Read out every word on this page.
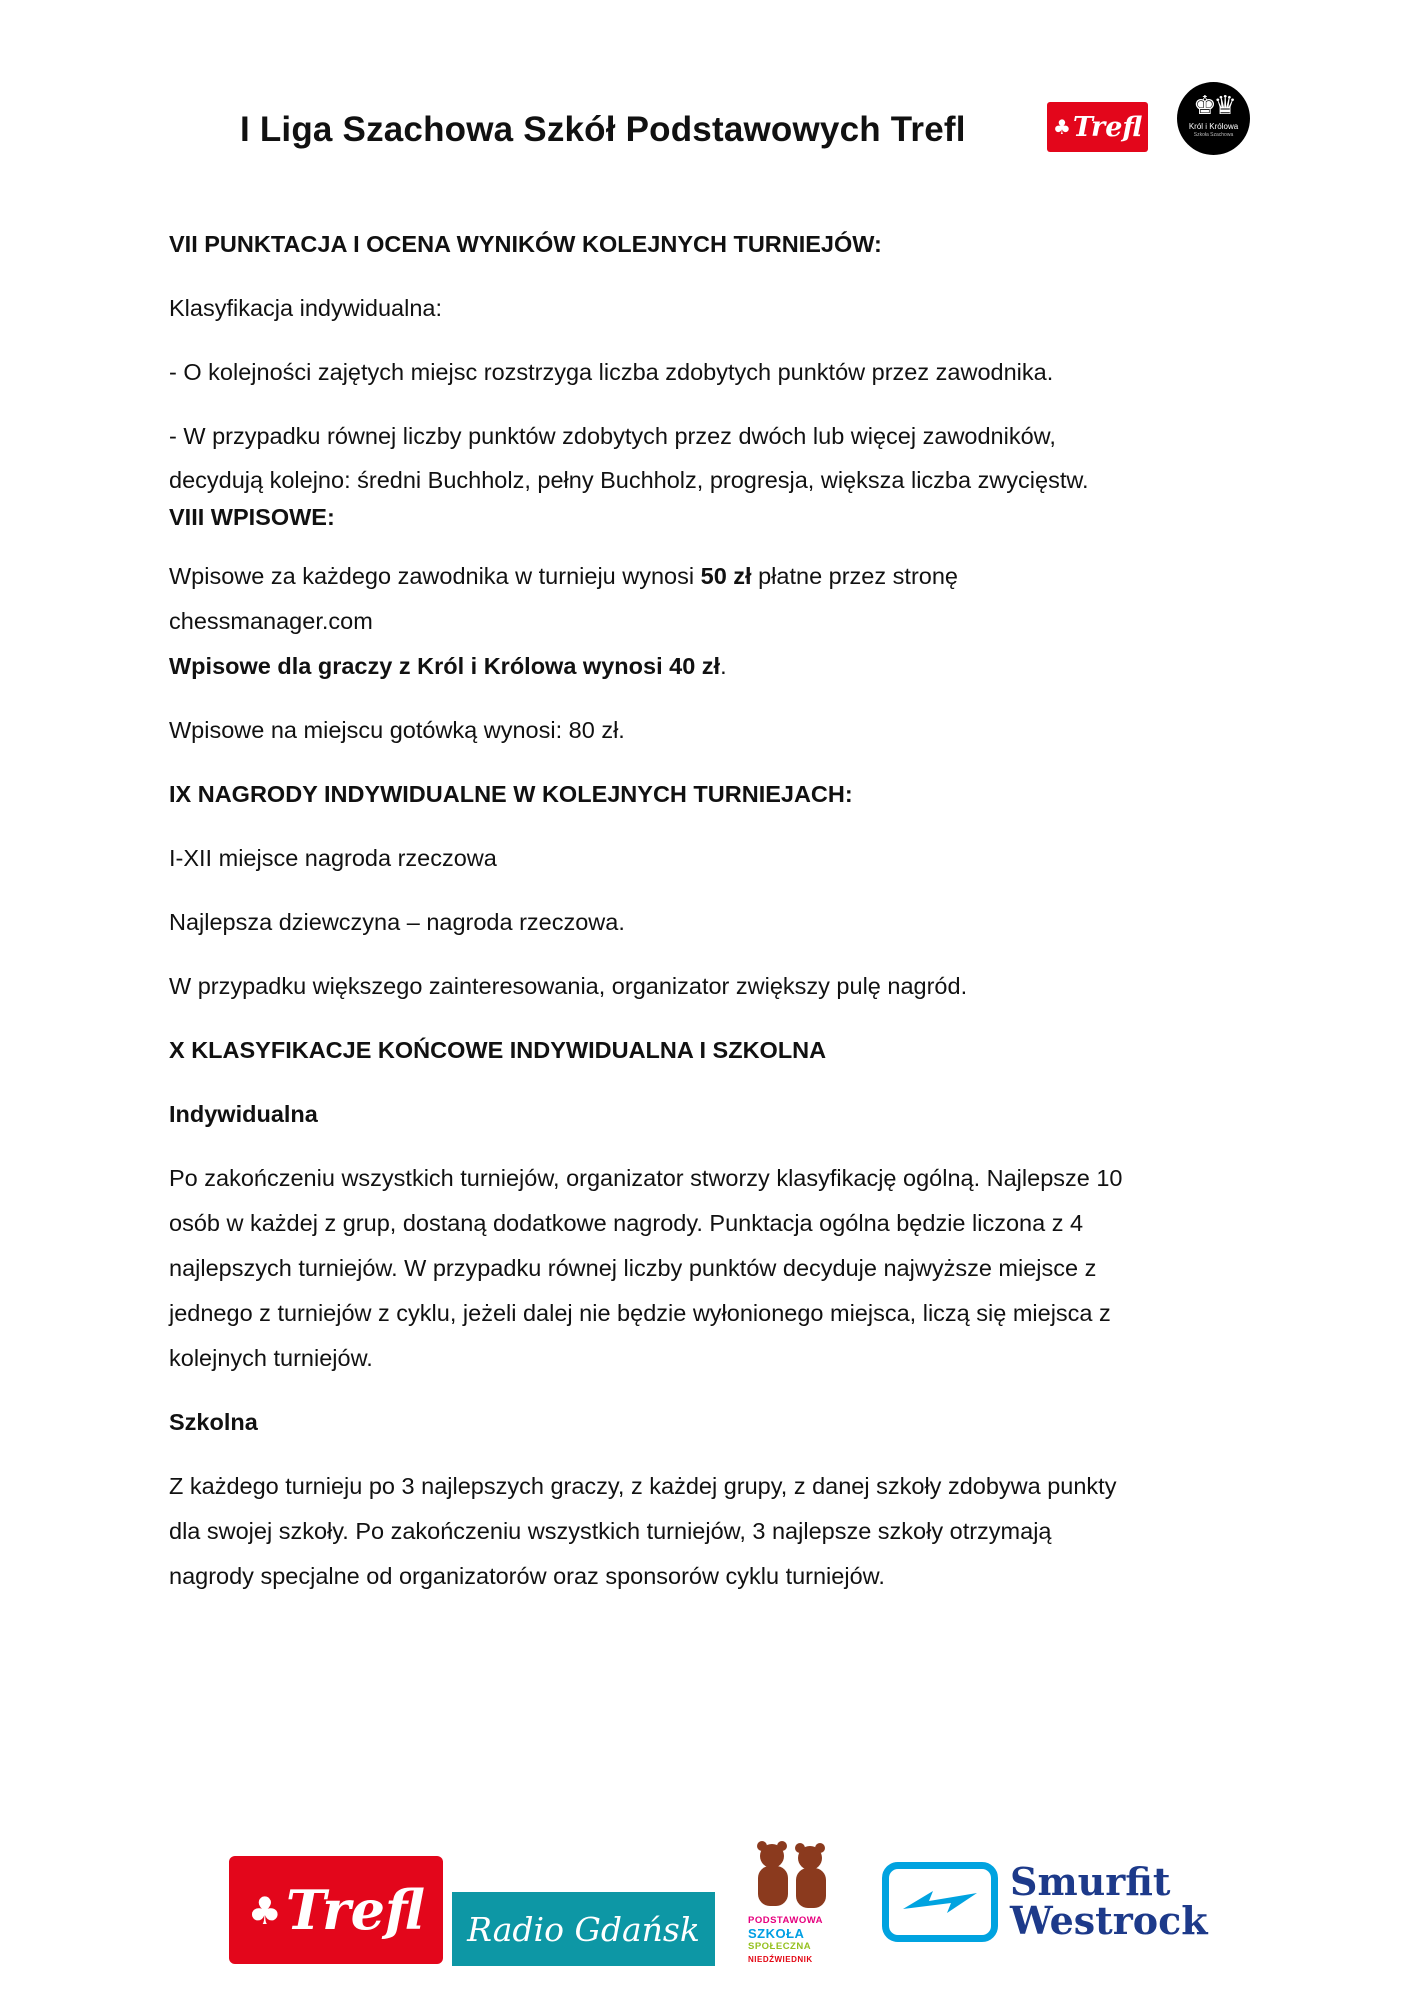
I Liga Szachowa Szkół Podstawowych Trefl	♣ Trefl
♚♛
Król i Królowa
Szkoła Szachowa

VII PUNKTACJA I OCENA WYNIKÓW KOLEJNYCH TURNIEJÓW:

Klasyfikacja indywidualna:

- O kolejności zajętych miejsc rozstrzyga liczba zdobytych punktów przez zawodnika.

- W przypadku równej liczby punktów zdobytych przez dwóch lub więcej zawodników,

decydują kolejno: średni Buchholz, pełny Buchholz, progresja, większa liczba zwycięstw.

VIII WPISOWE:

Wpisowe za każdego zawodnika w turnieju wynosi 50 zł płatne przez stronę

chessmanager.com

Wpisowe dla graczy z Król i Królowa wynosi 40 zł.

Wpisowe na miejscu gotówką wynosi: 80 zł.

IX NAGRODY INDYWIDUALNE W KOLEJNYCH TURNIEJACH:

I-XII miejsce nagroda rzeczowa

Najlepsza dziewczyna – nagroda rzeczowa.

W przypadku większego zainteresowania, organizator zwiększy pulę nagród.

X KLASYFIKACJE KOŃCOWE INDYWIDUALNA I SZKOLNA

Indywidualna

Po zakończeniu wszystkich turniejów, organizator stworzy klasyfikację ogólną. Najlepsze 10

osób w każdej z grup, dostaną dodatkowe nagrody. Punktacja ogólna będzie liczona z 4

najlepszych turniejów. W przypadku równej liczby punktów decyduje najwyższe miejsce z

jednego z turniejów z cyklu, jeżeli dalej nie będzie wyłonionego miejsca, liczą się miejsca z

kolejnych turniejów.

Szkolna

Z każdego turnieju po 3 najlepszych graczy, z każdej grupy, z danej szkoły zdobywa punkty

dla swojej szkoły. Po zakończeniu wszystkich turniejów, 3 najlepsze szkoły otrzymają

nagrody specjalne od organizatorów oraz sponsorów cyklu turniejów.

♣ Trefl Radio Gdańsk	PODSTAWOWA
SZKOŁA
SPOŁECZNA
NIEDŹWIEDNIK
Smurfit
Westrock
